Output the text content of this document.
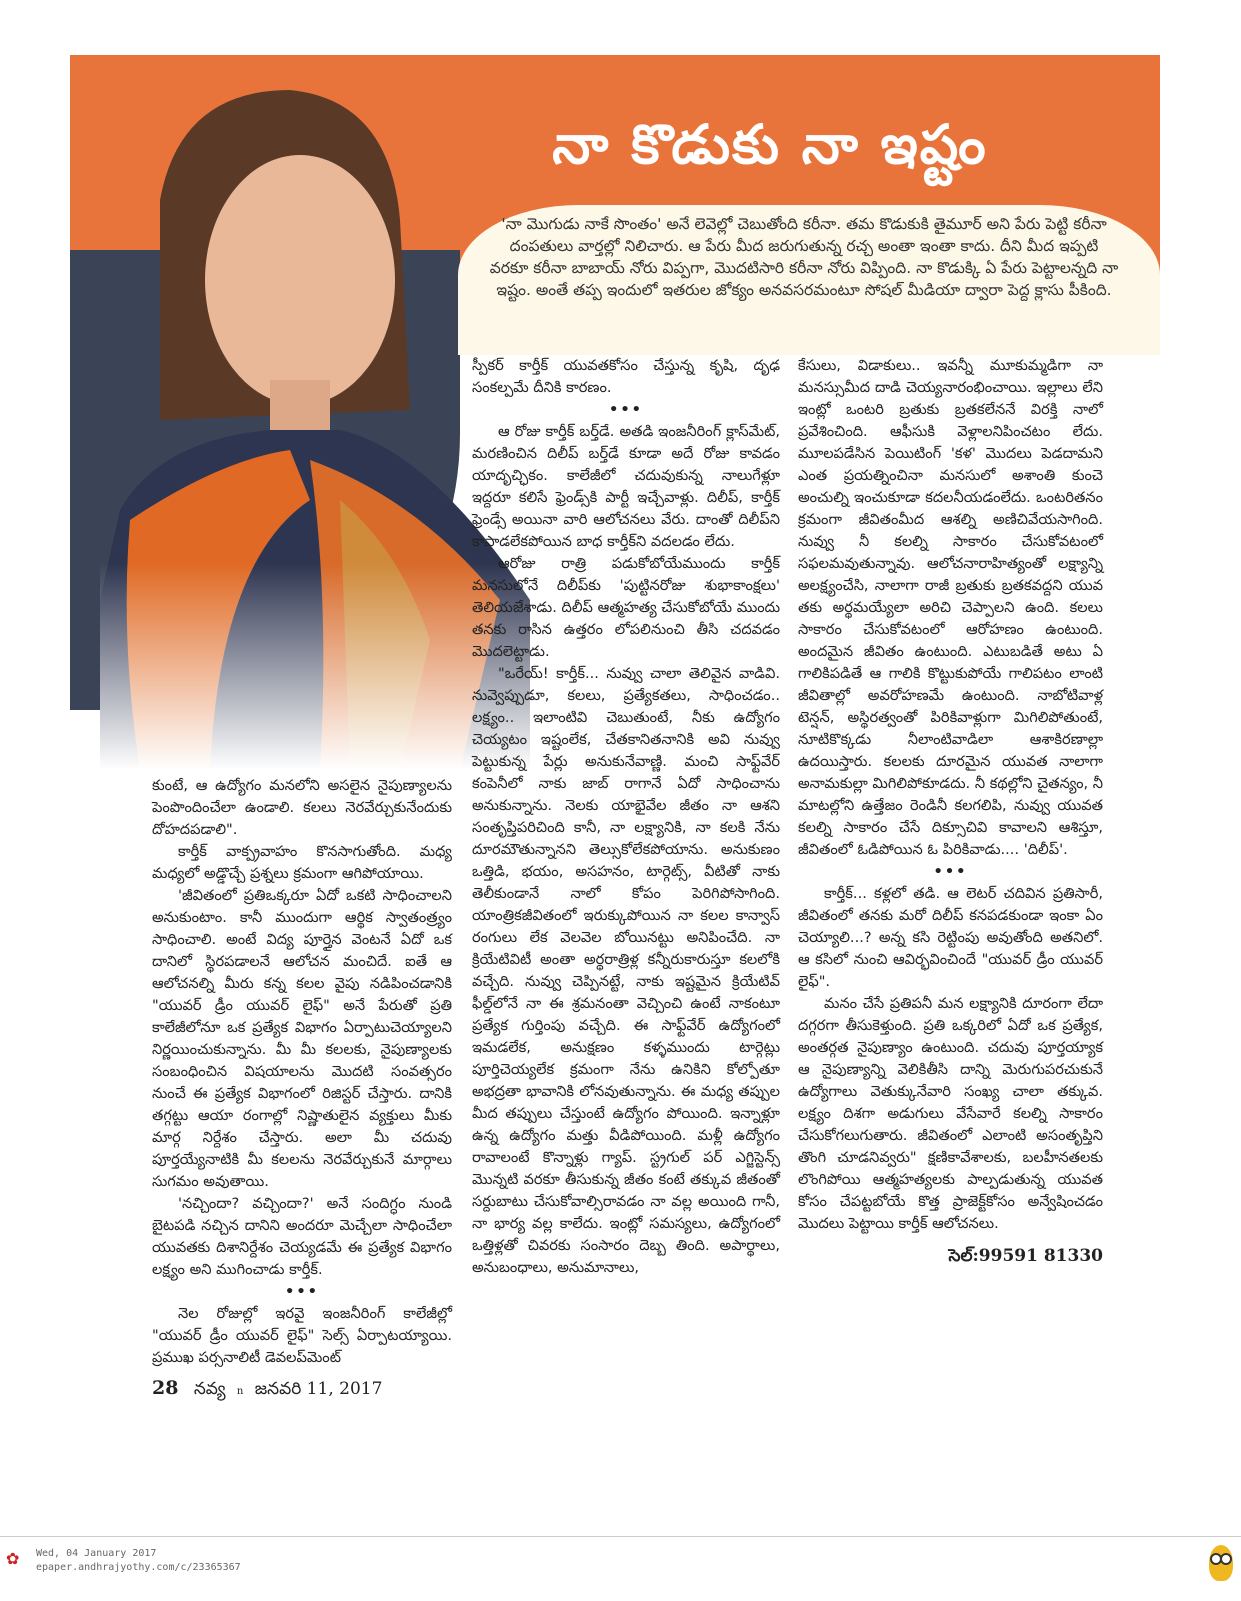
నా కొడుకు నా ఇష్టం

'నా మొగుడు నాకే సొంతం' అనే లెవెల్లో చెబుతోంది కరీనా. తమ కొడుకుకి తైమూర్ అని పేరు పెట్టి కరీనా దంపతులు వార్తల్లో నిలిచారు. ఆ పేరు మీద జరుగుతున్న రచ్చ అంతా ఇంతా కాదు. దీని మీద ఇప్పటి వరకూ కరీనా బాబాయ్ నోరు విప్పగా, మొదటిసారి కరీనా నోరు విప్పింది. నా కొడుక్కి ఏ పేరు పెట్టాలన్నది నా ఇష్టం. అంతే తప్ప ఇందులో ఇతరుల జోక్యం అనవసరమంటూ సోషల్ మీడియా ద్వారా పెద్ద క్లాసు పీకింది.

స్పీకర్ కార్తీక్ యువతకోసం చేస్తున్న కృషి, దృఢ సంకల్పమే దీనికి కారణం.

•••

ఆ రోజు కార్తీక్ బర్త్‌డే. అతడి ఇంజనీరింగ్ క్లాస్‌మేట్, మరణించిన దిలీప్ బర్త్‌డే కూడా అదే రోజు కావడం యాదృచ్ఛికం. కాలేజీలో చదువుకున్న నాలుగేళ్లూ ఇద్దరూ కలిసే ఫ్రెండ్స్‌కి పార్టీ ఇచ్చేవాళ్లు. దిలీప్, కార్తీక్ ఫ్రెండ్సే అయినా వారి ఆలోచనలు వేరు. దాంతో దిలీప్‌ని కాపాడలేకపోయిన బాధ కార్తీక్‌ని వదలడం లేదు.

ఆరోజు రాత్రి పడుకోబోయేముందు కార్తీక్ మనసులోనే దిలీప్‌కు 'పుట్టినరోజు శుభాకాంక్షలు' తెలియజేశాడు. దిలీప్ ఆత్మహత్య చేసుకోబోయే ముందు తనకు రాసిన ఉత్తరం లోపలినుంచి తీసి చదవడం మొదలెట్టాడు.

"ఒరేయ్! కార్తీక్... నువ్వు చాలా తెలివైన వాడివి. నువ్వెప్పుడూ, కలలు, ప్రత్యేకతలు, సాధించడం.. లక్ష్యం.. ఇలాంటివి చెబుతుంటే, నీకు ఉద్యోగం చెయ్యటం ఇష్టంలేక, చేతకానితనానికి అవి నువ్వు పెట్టుకున్న పేర్లు అనుకునేవాణ్ణి. మంచి సాఫ్ట్‌వేర్ కంపెనీలో నాకు జాబ్ రాగానే ఏదో సాధించాను అనుకున్నాను. నెలకు యాభైవేల జీతం నా ఆశని సంతృప్తిపరిచింది కానీ, నా లక్ష్యానికి, నా కలకి నేను దూరమౌతున్నానని తెల్సుకోలేకపోయాను. అనుకుణం ఒత్తిడి, భయం, అసహనం, టార్గెట్స్, వీటితో నాకు తెలీకుండానే నాలో కోపం పెరిగిపోసాగింది. యాంత్రికజీవితంలో ఇరుక్కుపోయిన నా కలల కాన్వాస్ రంగులు లేక వెలవెల బోయినట్టు అనిపించేది. నా క్రియేటివిటీ అంతా అర్థరాత్రిళ్ల కన్నీరుకారుస్తూ కలలోకి వచ్చేది. నువ్వు చెప్పినట్టే, నాకు ఇష్టమైన క్రియేటివ్ ఫీల్డ్‌లోనే నా ఈ శ్రమనంతా వెచ్చించి ఉంటే నాకంటూ ప్రత్యేక గుర్తింపు వచ్చేది. ఈ సాఫ్ట్‌వేర్ ఉద్యోగంలో ఇమడలేక, అనుక్షణం కళ్ళముందు టార్గెట్లు పూర్తిచెయ్యలేక క్రమంగా నేను ఉనికిని కోల్పోతూ అభద్రతా భావానికి లోనవుతున్నాను. ఈ మధ్య తప్పుల మీద తప్పులు చేస్తుంటే ఉద్యోగం పోయింది. ఇన్నాళ్లూ ఉన్న ఉద్యోగం మత్తు వీడిపోయింది. మళ్లీ ఉద్యోగం రావాలంటే కొన్నాళ్లు గ్యాప్. స్ట్రగుల్ పర్ ఎగ్జిస్టెన్స్ మొన్నటి వరకూ తీసుకున్న జీతం కంటే తక్కువ జీతంతో సర్దుబాటు చేసుకోవాల్సిరావడం నా వల్ల అయింది గానీ, నా భార్య వల్ల కాలేదు. ఇంట్లో సమస్యలు, ఉద్యోగంలో ఒత్తిళ్లతో చివరకు సంసారం దెబ్బ తింది. అపార్థాలు, అనుబంధాలు, అనుమానాలు,

కేసులు, విడాకులు.. ఇవన్నీ మూకుమ్మడిగా నా మనస్సుమీద దాడి చెయ్యనారంభించాయి. ఇల్లాలు లేని ఇంట్లో ఒంటరి బ్రతుకు బ్రతకలేననే విరక్తి నాలో ప్రవేశించింది. ఆఫీసుకి వెళ్లాలనిపించటం లేదు. మూలపడేసిన పెయిటింగ్ 'కళ' మొదలు పెడదామని ఎంత ప్రయత్నించినా మనసులో అశాంతి కుంచె అంచుల్ని ఇంచుకూడా కదలనీయడంలేదు. ఒంటరితనం క్రమంగా జీవితంమీద ఆశల్ని అణిచివేయసాగింది. నువ్వు నీ కలల్ని సాకారం చేసుకోవటంలో సఫలమవుతున్నావు. ఆలోచనారాహిత్యంతో లక్ష్యాన్ని అలక్ష్యంచేసి, నాలాగా రాజీ బ్రతుకు బ్రతకవద్దని యువ తకు అర్థమయ్యేలా అరిచి చెప్పాలని ఉంది. కలలు సాకారం చేసుకోవటంలో ఆరోహణం ఉంటుంది. అందమైన జీవితం ఉంటుంది. ఎటుబడితే అటు ఏ గాలికిపడితే ఆ గాలికి కొట్టుకుపోయే గాలిపటం లాంటి జీవితాల్లో అవరోహణమే ఉంటుంది. నాబోటివాళ్ల టెన్షన్, అస్థిరత్వంతో పిరికివాళ్లుగా మిగిలిపోతుంటే, నూటికొక్కడు నీలాంటివాడిలా ఆశాకిరణాల్లా ఉదయిస్తారు. కలలకు దూరమైన యువత నాలాగా అనామకుల్లా మిగిలిపోకూడదు. నీ కథల్లోని చైతన్యం, నీ మాటల్లోని ఉత్తేజం రెండినీ కలగలిపి, నువ్వు యువత కలల్ని సాకారం చేసే దిక్సూచివి కావాలని ఆశిస్తూ, జీవితంలో ఓడిపోయిన ఓ పిరికివాడు.... 'దిలీప్'.

•••

కార్తీక్... కళ్లలో తడి. ఆ లెటర్ చదివిన ప్రతిసారీ, జీవితంలో తనకు మరో దిలీప్ కనపడకుండా ఇంకా ఏం చెయ్యాలి...? అన్న కసి రెట్టింపు అవుతోంది అతనిలో. ఆ కసిలో నుంచి ఆవిర్భవించిందే "యువర్ డ్రీం యువర్ లైఫ్".

మనం చేసే ప్రతిపనీ మన లక్ష్యానికి దూరంగా లేదా దగ్గరగా తీసుకెళ్తుంది. ప్రతి ఒక్కరిలో ఏదో ఒక ప్రత్యేక, అంతర్గత నైపుణ్యాం ఉంటుంది. చదువు పూర్తయ్యాక ఆ నైపుణ్యాన్ని వెలికితీసి దాన్ని మెరుగుపరచుకునే ఉద్యోగాలు వెతుక్కునేవారి సంఖ్య చాలా తక్కువ. లక్ష్యం దిశగా అడుగులు వేసేవారే కలల్ని సాకారం చేసుకోగలుగుతారు. జీవితంలో ఎలాంటి అసంతృప్తిని తొంగి చూడనివ్వరు" క్షణికావేశాలకు, బలహీనతలకు లొంగిపోయి ఆత్మహత్యలకు పాల్పడుతున్న యువత కోసం చేపట్టబోయే కొత్త ప్రాజెక్ట్‌కోసం అన్వేషించడం మొదలు పెట్టాయి కార్తీక్ ఆలోచనలు.

సెల్:99591 81330

కుంటే, ఆ ఉద్యోగం మనలోని అసలైన నైపుణ్యాలను పెంపొందించేలా ఉండాలి. కలలు నెరవేర్చుకునేందుకు దోహదపడాలి".

కార్తీక్ వాక్ప్రవాహం కొనసాగుతోంది. మధ్య మధ్యలో అడ్డొచ్చే ప్రశ్నలు క్రమంగా ఆగిపోయాయి.

'జీవితంలో ప్రతిఒక్కరూ ఏదో ఒకటి సాధించాలని అనుకుంటాం. కానీ ముందుగా ఆర్థిక స్వాతంత్ర్యం సాధించాలి. అంటే విద్య పూర్తైన వెంటనే ఏదో ఒక దానిలో స్థిరపడాలనే ఆలోచన మంచిదే. ఐతే ఆ ఆలోచనల్ని మీరు కన్న కలల వైపు నడిపించడానికి "యువర్ డ్రీం యువర్ లైఫ్" అనే పేరుతో ప్రతి కాలేజీలోనూ ఒక ప్రత్యేక విభాగం ఏర్పాటుచెయ్యాలని నిర్ణయించుకున్నాను. మీ మీ కలలకు, నైపుణ్యాలకు సంబంధించిన విషయాలను మొదటి సంవత్సరం నుంచే ఈ ప్రత్యేక విభాగంలో రిజిస్టర్ చేస్తారు. దానికి తగ్గట్టు ఆయా రంగాల్లో నిష్ణాతులైన వ్యక్తులు మీకు మార్గ నిర్దేశం చేస్తారు. అలా మీ చదువు పూర్తయ్యేనాటికి మీ కలలను నెరవేర్చుకునే మార్గాలు సుగమం అవుతాయి.

'నచ్చిందా? వచ్చిందా?' అనే సందిగ్ధం నుండి బైటపడి నచ్చిన దానిని అందరూ మెచ్చేలా సాధించేలా యువతకు దిశానిర్దేశం చెయ్యడమే ఈ ప్రత్యేక విభాగం లక్ష్యం అని ముగించాడు కార్తీక్.

•••

నెల రోజుల్లో ఇరవై ఇంజనీరింగ్ కాలేజీల్లో "యువర్ డ్రీం యువర్ లైఫ్" సెల్స్ ఏర్పాటయ్యాయి. ప్రముఖ పర్సనాలిటీ డెవలప్‌మెంట్

28 నవ్య n జనవరి 11, 2017
✿	Wed, 04 January 2017
epaper.andhrajyothy.com/c/23365367
